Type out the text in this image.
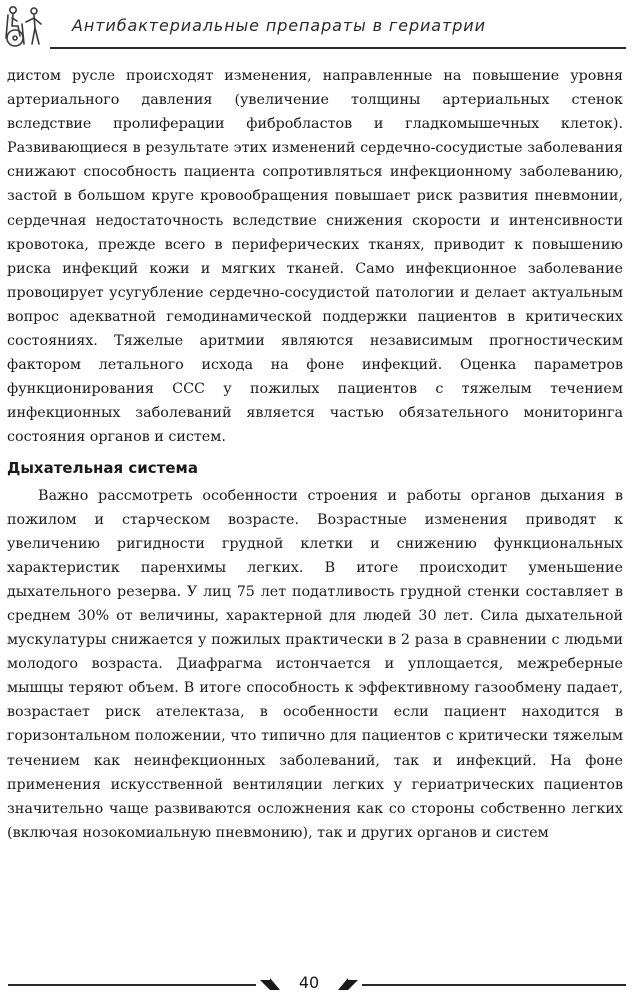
Антибактериальные препараты в гериатрии

дистом русле происходят изменения, направленные на повышение уровня артериального давления (увеличение толщины артериальных стенок вследствие пролиферации фибробластов и гладкомышечных клеток). Развивающиеся в результате этих изменений сердечно-сосудистые заболевания снижают способность пациента сопротивляться инфекционному заболеванию, застой в большом круге кровообращения повышает риск развития пневмонии, сердечная недостаточность вследствие снижения скорости и интенсивности кровотока, прежде всего в периферических тканях, приводит к повышению риска инфекций кожи и мягких тканей. Само инфекционное заболевание провоцирует усугубление сердечно-сосудистой патологии и делает актуальным вопрос адекватной гемодинамической поддержки пациентов в критических состояниях. Тяжелые аритмии являются независимым прогностическим фактором летального исхода на фоне инфекций. Оценка параметров функционирования ССС у пожилых пациентов с тяжелым течением инфекционных заболеваний является частью обязательного мониторинга состояния органов и систем.

Дыхательная система

Важно рассмотреть особенности строения и работы органов дыхания в пожилом и старческом возрасте. Возрастные изменения приводят к увеличению ригидности грудной клетки и снижению функциональных характеристик паренхимы легких. В итоге происходит уменьшение дыхательного резерва. У лиц 75 лет податливость грудной стенки составляет в среднем 30% от величины, характерной для людей 30 лет. Сила дыхательной мускулатуры снижается у пожилых практически в 2 раза в сравнении с людьми молодого возраста. Диафрагма истончается и уплощается, межреберные мышцы теряют объем. В итоге способность к эффективному газообмену падает, возрастает риск ателектаза, в особенности если пациент находится в горизонтальном положении, что типично для пациентов с критически тяжелым течением как неинфекционных заболеваний, так и инфекций. На фоне применения искусственной вентиляции легких у гериатрических пациентов значительно чаще развиваются осложнения как со стороны собственно легких (включая нозокомиальную пневмонию), так и других органов и систем

40
